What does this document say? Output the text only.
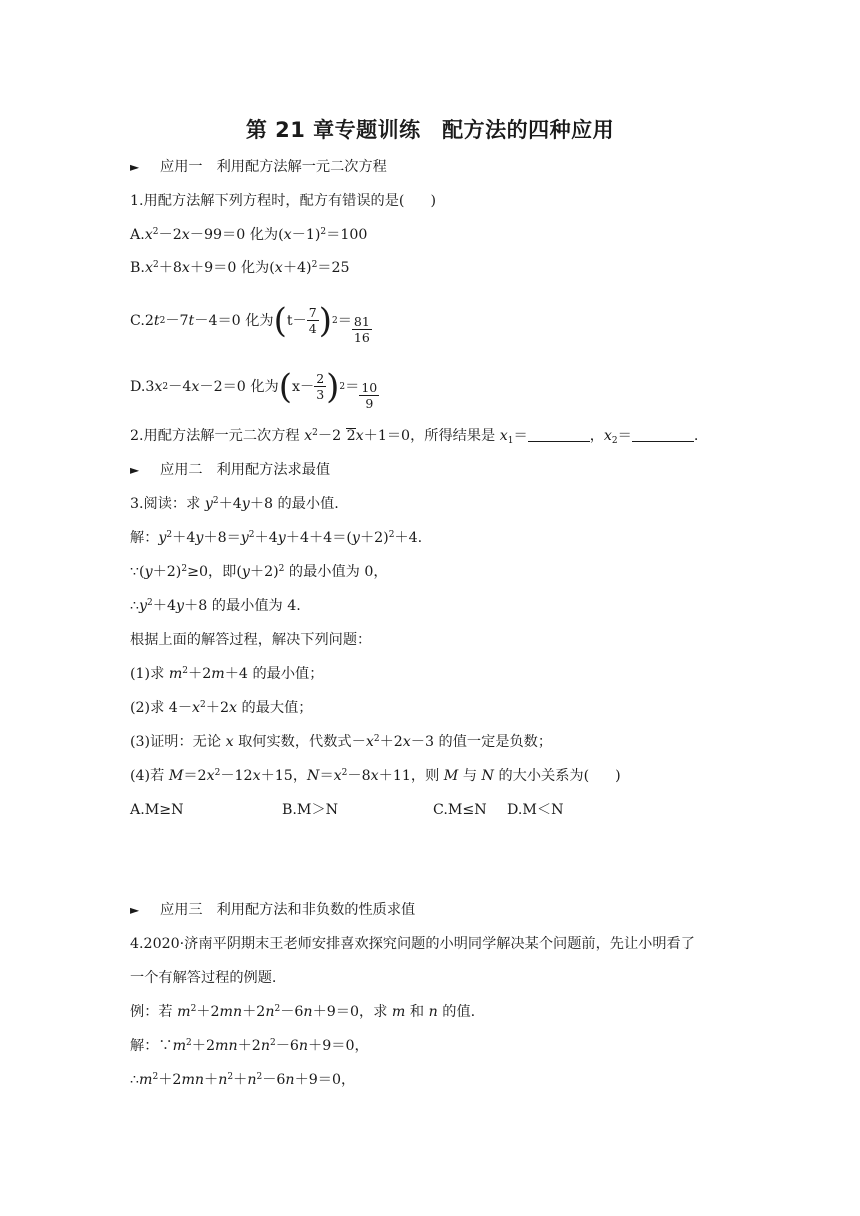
第 21 章专题训练　配方法的四种应用
► 应用一 利用配方法解一元二次方程
1.用配方法解下列方程时，配方有错误的是( )
$A.x^2-2x-99=0$ 化为$(x-1)^2=100$
$B.x^2+8x+9=0$ 化为$(x+4)^2=25$
C.2 t 2 －7 t －4 ＝0 化为 ( $t- \frac{7}{4}$ ) $2 = \frac{81}{16}$
D.3 x 2 －4 x －2 ＝0 化为 ( $x- \frac{2}{3}$ ) $2 = \frac{10}{9}$
2.用配方法解一元二次方程 $x^2-2$ 2x＋1＝0，所得结果是 $x_1=$	，$x_2=$	.
► 应用二 利用配方法求最值
3.阅读：求 $y^2+4y+8$ 的最小值.
解：$y^2+4y+8=y^2+4y+4+4=(y+2)^2+4$.
$\because(y+2)^2\ge 0$，即$(y+2)^2$ 的最小值为 0，
$\therefore y^2+4y+8$ 的最小值为 4.
根据上面的解答过程，解决下列问题：
(1)求 $m^2+2m+4$ 的最小值；
(2)求 $4-x^2+2x$ 的最大值；
(3)证明：无论 x 取何实数，代数式$-x^2+2x-3$ 的值一定是负数；
(4)若 $M=2x^2-12x+15$，$N=x^2-8x+11$，则 M 与 N 的大小关系为( )
A.M≥N	B.M＞N	C.M≤N D.M＜N
► 应用三 利用配方法和非负数的性质求值
4.2020·济南平阴期末王老师安排喜欢探究问题的小明同学解决某个问题前，先让小明看了
一个有解答过程的例题.
例：若 $m^2+2mn+2n^2-6n+9=0$，求 m 和 n 的值.
解：$\because m^2+2mn+2n^2-6n+9=0$，
$\therefore m^2+2mn+n^2+n^2-6n+9=0$，
